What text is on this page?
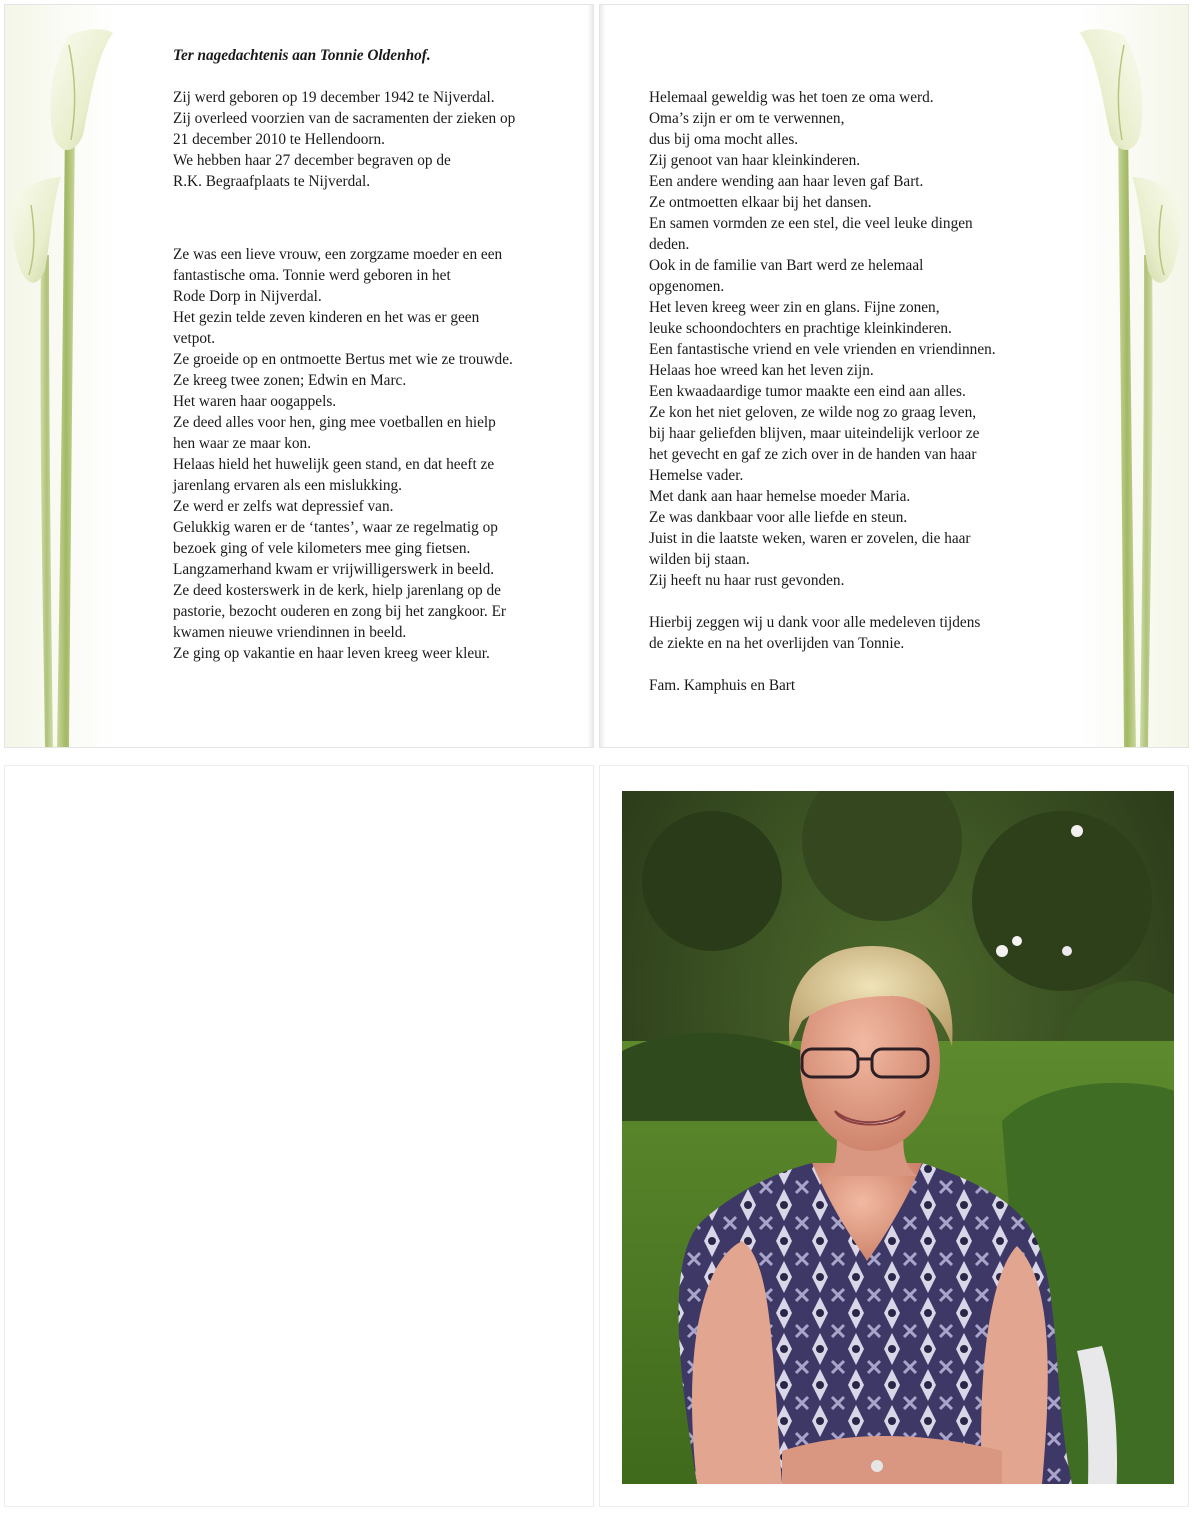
Ter nagedachtenis aan Tonnie Oldenhof.

Zij werd geboren op 19 december 1942 te Nijverdal.

Zij overleed voorzien van de sacramenten der zieken op

21 december 2010 te Hellendoorn.

We hebben haar 27 december begraven op de

R.K. Begraafplaats te Nijverdal.

Ze was een lieve vrouw, een zorgzame moeder en een

fantastische oma. Tonnie werd geboren in het

Rode Dorp in Nijverdal.

Het gezin telde zeven kinderen en het was er geen

vetpot.

Ze groeide op en ontmoette Bertus met wie ze trouwde.

Ze kreeg twee zonen; Edwin en Marc.

Het waren haar oogappels.

Ze deed alles voor hen, ging mee voetballen en hielp

hen waar ze maar kon.

Helaas hield het huwelijk geen stand, en dat heeft ze

jarenlang ervaren als een mislukking.

Ze werd er zelfs wat depressief van.

Gelukkig waren er de ‘tantes’, waar ze regelmatig op

bezoek ging of vele kilometers mee ging fietsen.

Langzamerhand kwam er vrijwilligerswerk in beeld.

Ze deed kosterswerk in de kerk, hielp jarenlang op de

pastorie, bezocht ouderen en zong bij het zangkoor. Er

kwamen nieuwe vriendinnen in beeld.

Ze ging op vakantie en haar leven kreeg weer kleur.

Helemaal geweldig was het toen ze oma werd.

Oma’s zijn er om te verwennen,

dus bij oma mocht alles.

Zij genoot van haar kleinkinderen.

Een andere wending aan haar leven gaf Bart.

Ze ontmoetten elkaar bij het dansen.

En samen vormden ze een stel, die veel leuke dingen

deden.

Ook in de familie van Bart werd ze helemaal

opgenomen.

Het leven kreeg weer zin en glans. Fijne zonen,

leuke schoondochters en prachtige kleinkinderen.

Een fantastische vriend en vele vrienden en vriendinnen.

Helaas hoe wreed kan het leven zijn.

Een kwaadaardige tumor maakte een eind aan alles.

Ze kon het niet geloven, ze wilde nog zo graag leven,

bij haar geliefden blijven, maar uiteindelijk verloor ze

het gevecht en gaf ze zich over in de handen van haar

Hemelse vader.

Met dank aan haar hemelse moeder Maria.

Ze was dankbaar voor alle liefde en steun.

Juist in die laatste weken, waren er zovelen, die haar

wilden bij staan.

Zij heeft nu haar rust gevonden.

Hierbij zeggen wij u dank voor alle medeleven tijdens

de ziekte en na het overlijden van Tonnie.

Fam. Kamphuis en Bart
